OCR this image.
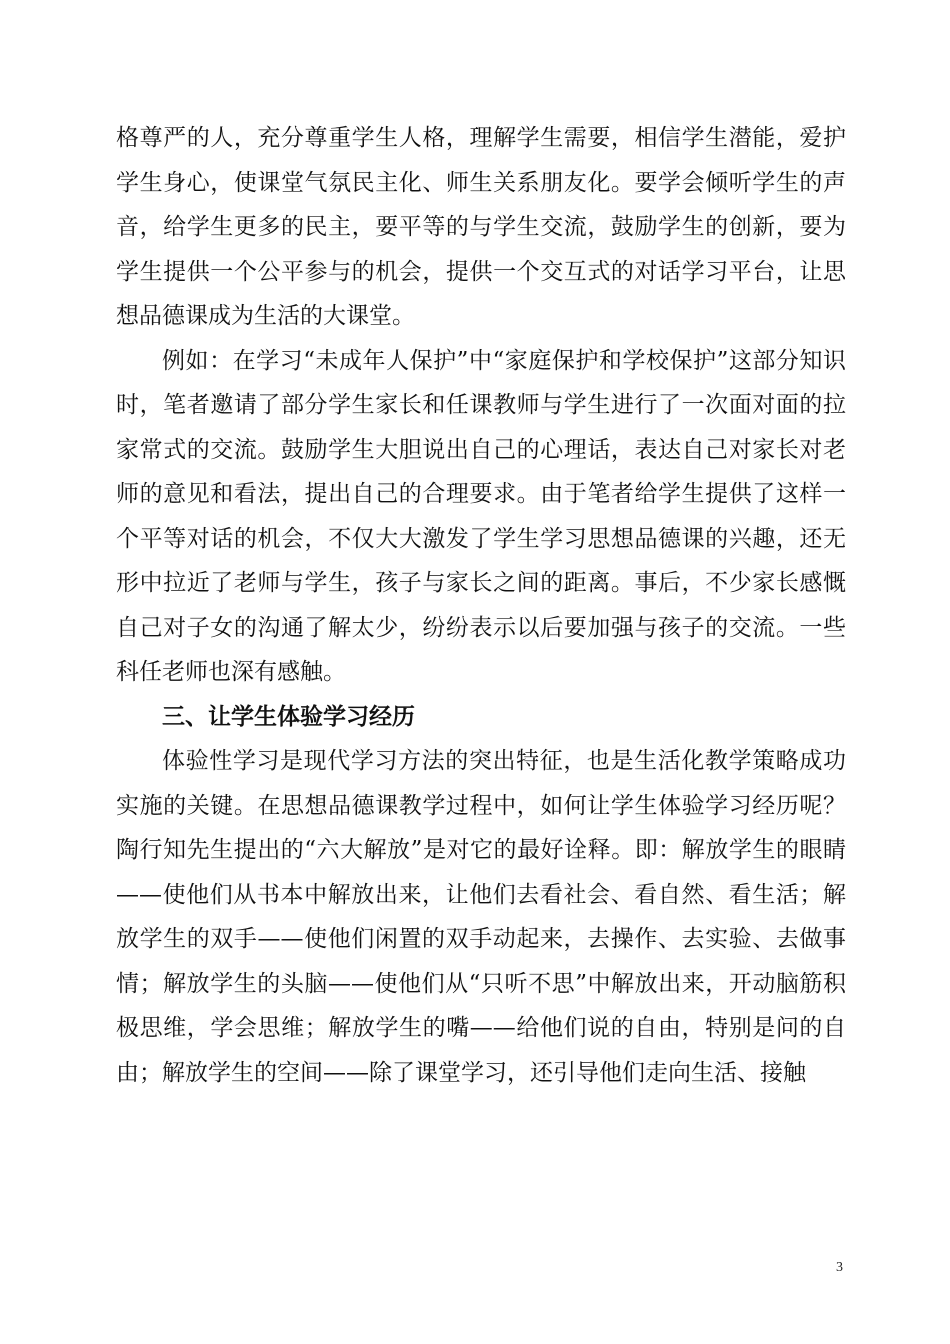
格尊严的人，充分尊重学生人格，理解学生需要，相信学生潜能，爱护学生身心，使课堂气氛民主化、师生关系朋友化。要学会倾听学生的声音，给学生更多的民主，要平等的与学生交流，鼓励学生的创新，要为学生提供一个公平参与的机会，提供一个交互式的对话学习平台，让思想品德课成为生活的大课堂。

例如：在学习“未成年人保护”中“家庭保护和学校保护”这部分知识时，笔者邀请了部分学生家长和任课教师与学生进行了一次面对面的拉家常式的交流。鼓励学生大胆说出自己的心理话，表达自己对家长对老师的意见和看法，提出自己的合理要求。由于笔者给学生提供了这样一个平等对话的机会，不仅大大激发了学生学习思想品德课的兴趣，还无形中拉近了老师与学生，孩子与家长之间的距离。事后，不少家长感慨自己对子女的沟通了解太少，纷纷表示以后要加强与孩子的交流。一些科任老师也深有感触。

三、让学生体验学习经历

体验性学习是现代学习方法的突出特征，也是生活化教学策略成功实施的关键。在思想品德课教学过程中，如何让学生体验学习经历呢？陶行知先生提出的“六大解放”是对它的最好诠释。即：解放学生的眼睛——使他们从书本中解放出来，让他们去看社会、看自然、看生活；解放学生的双手——使他们闲置的双手动起来，去操作、去实验、去做事情；解放学生的头脑——使他们从“只听不思”中解放出来，开动脑筋积极思维，学会思维；解放学生的嘴——给他们说的自由，特别是问的自由；解放学生的空间——除了课堂学习，还引导他们走向生活、接触

3
